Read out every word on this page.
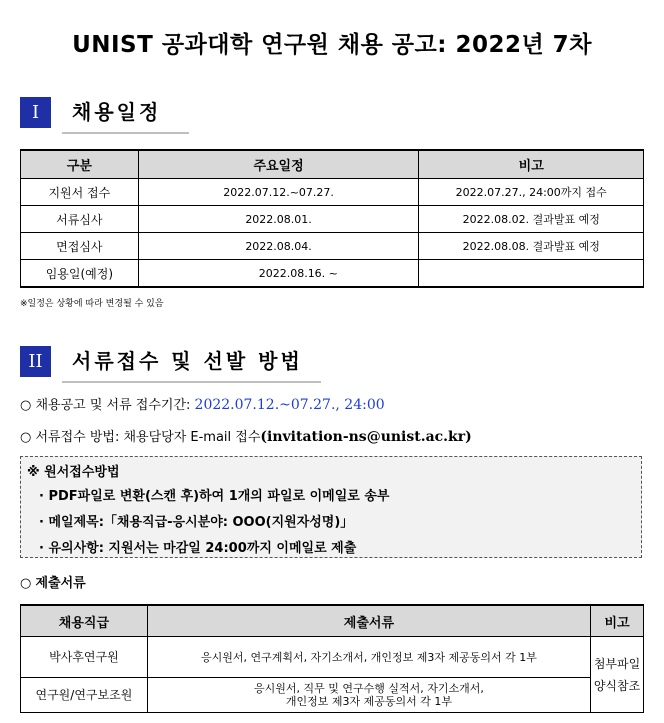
UNIST 공과대학 연구원 채용 공고: 2022년 7차
I	채용일정
구분	주요일정	비고
지원서 접수	2022.07.12.~07.27.	2022.07.27., 24:00까지 접수
서류심사	2022.08.01.	2022.08.02. 결과발표 예정
면접심사	2022.08.04.	2022.08.08. 결과발표 예정
임용일(예정)	2022.08.16. ~	
※일정은 상황에 따라 변경될 수 있음
II	서류접수 및 선발 방법
○ 채용공고 및 서류 접수기간: 2022.07.12.~07.27., 24:00
○ 서류접수 방법: 채용담당자 E-mail 접수(invitation-ns@unist.ac.kr)
※ 원서접수방법
· PDF파일로 변환(스캔 후)하여 1개의 파일로 이메일로 송부
· 메일제목:「채용직급-응시분야: OOO(지원자성명)」
· 유의사항: 지원서는 마감일 24:00까지 이메일로 제출
○ 제출서류
채용직급	제출서류	비고
박사후연구원	응시원서, 연구계획서, 자기소개서, 개인정보 제3자 제공동의서 각 1부	첨부파일
양식참조

연구원/연구보조원	응시원서, 직무 및 연구수행 실적서, 자기소개서,
개인정보 제3자 제공동의서 각 1부	
